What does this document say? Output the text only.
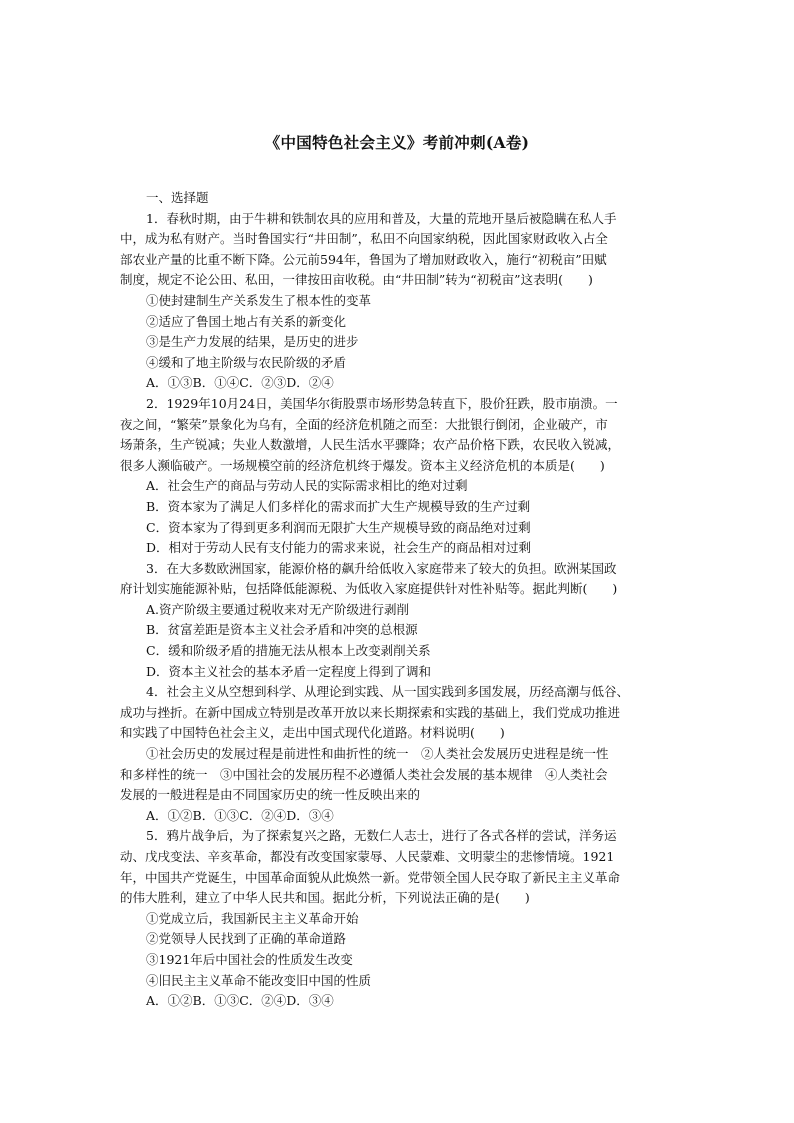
《中国特色社会主义》考前冲刺(A卷)
一、选择题
1．春秋时期，由于牛耕和铁制农具的应用和普及，大量的荒地开垦后被隐瞒在私人手
中，成为私有财产。当时鲁国实行“井田制”，私田不向国家纳税，因此国家财政收入占全
部农业产量的比重不断下降。公元前594年，鲁国为了增加财政收入，施行“初税亩”田赋
制度，规定不论公田、私田，一律按田亩收税。由“井田制”转为“初税亩”这表明(　　)
①使封建制生产关系发生了根本性的变革
②适应了鲁国土地占有关系的新变化
③是生产力发展的结果，是历史的进步
④缓和了地主阶级与农民阶级的矛盾
A．①③B．①④C．②③D．②④
2．1929年10月24日，美国华尔街股票市场形势急转直下，股价狂跌，股市崩溃。一
夜之间，“繁荣”景象化为乌有，全面的经济危机随之而至：大批银行倒闭，企业破产，市
场萧条，生产锐减；失业人数激增，人民生活水平骤降；农产品价格下跌，农民收入锐减，
很多人濒临破产。一场规模空前的经济危机终于爆发。资本主义经济危机的本质是(　　)
A．社会生产的商品与劳动人民的实际需求相比的绝对过剩
B．资本家为了满足人们多样化的需求而扩大生产规模导致的生产过剩
C．资本家为了得到更多利润而无限扩大生产规模导致的商品绝对过剩
D．相对于劳动人民有支付能力的需求来说，社会生产的商品相对过剩
3．在大多数欧洲国家，能源价格的飙升给低收入家庭带来了较大的负担。欧洲某国政
府计划实施能源补贴，包括降低能源税、为低收入家庭提供针对性补贴等。据此判断(　　)
A.资产阶级主要通过税收来对无产阶级进行剥削
B．贫富差距是资本主义社会矛盾和冲突的总根源
C．缓和阶级矛盾的措施无法从根本上改变剥削关系
D．资本主义社会的基本矛盾一定程度上得到了调和
4．社会主义从空想到科学、从理论到实践、从一国实践到多国发展，历经高潮与低谷、
成功与挫折。在新中国成立特别是改革开放以来长期探索和实践的基础上，我们党成功推进
和实践了中国特色社会主义，走出中国式现代化道路。材料说明(　　)
①社会历史的发展过程是前进性和曲折性的统一　②人类社会发展历史进程是统一性
和多样性的统一　③中国社会的发展历程不必遵循人类社会发展的基本规律　④人类社会
发展的一般进程是由不同国家历史的统一性反映出来的
A．①②B．①③C．②④D．③④
5．鸦片战争后，为了探索复兴之路，无数仁人志士，进行了各式各样的尝试，洋务运
动、戊戌变法、辛亥革命，都没有改变国家蒙辱、人民蒙难、文明蒙尘的悲惨情境。1921
年，中国共产党诞生，中国革命面貌从此焕然一新。党带领全国人民夺取了新民主主义革命
的伟大胜利，建立了中华人民共和国。据此分析，下列说法正确的是(　　)
①党成立后，我国新民主主义革命开始
②党领导人民找到了正确的革命道路
③1921年后中国社会的性质发生改变
④旧民主主义革命不能改变旧中国的性质
A．①②B．①③C．②④D．③④
